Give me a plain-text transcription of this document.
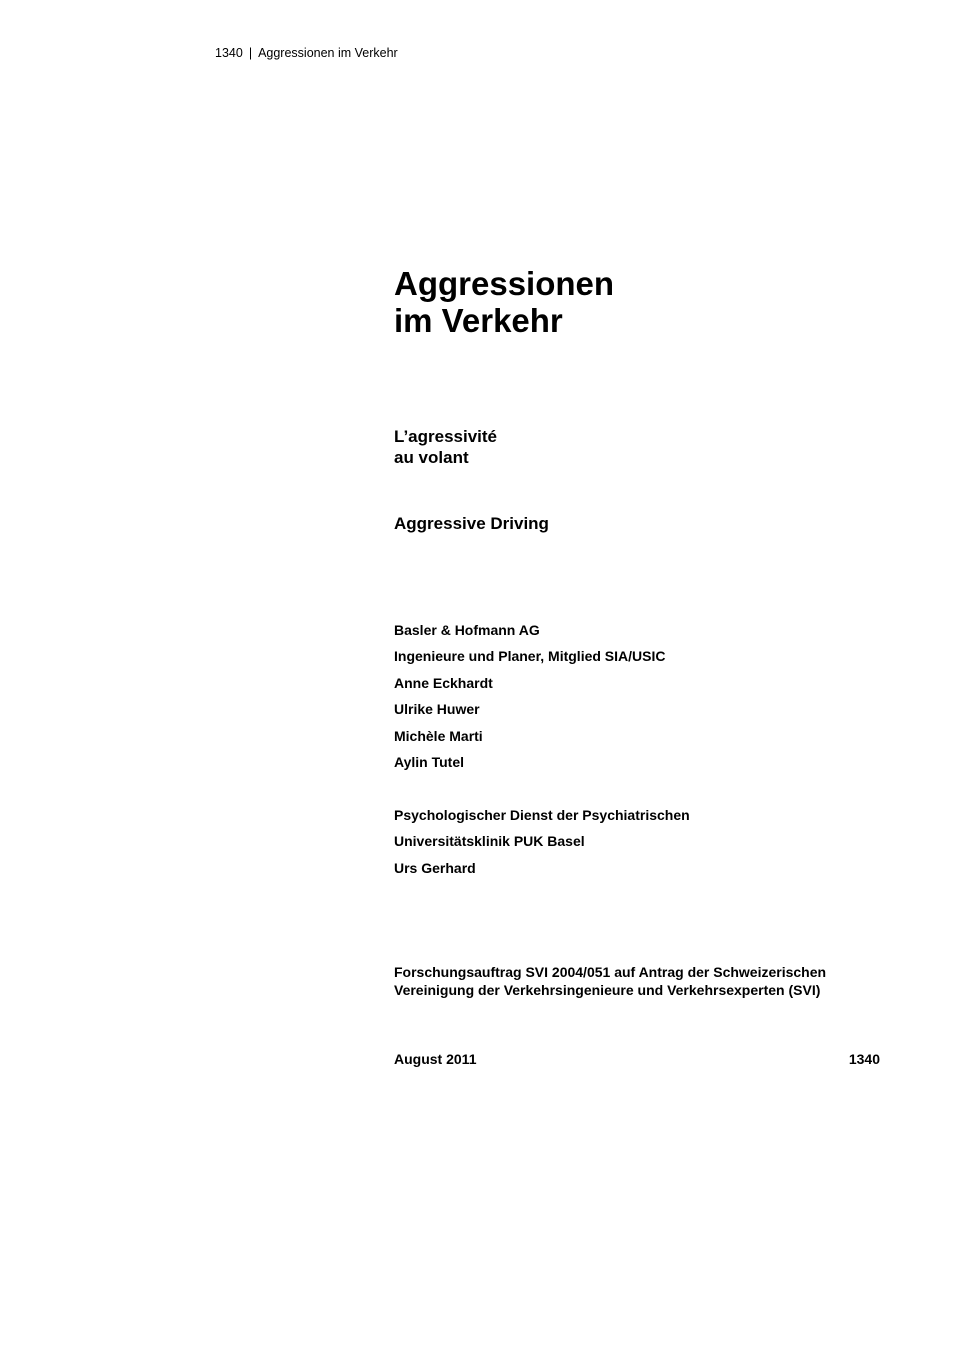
1340 | Aggressionen im Verkehr
Aggressionen
im Verkehr
L’agressivité
au volant
Aggressive Driving
Basler & Hofmann AG
Ingenieure und Planer, Mitglied SIA/USIC
Anne Eckhardt
Ulrike Huwer
Michèle Marti
Aylin Tutel
Psychologischer Dienst der Psychiatrischen
Universitätsklinik PUK Basel
Urs Gerhard

Forschungsauftrag SVI 2004/051 auf Antrag der Schweizerischen
Vereinigung der Verkehrsingenieure und Verkehrsexperten (SVI)

August 2011	1340
